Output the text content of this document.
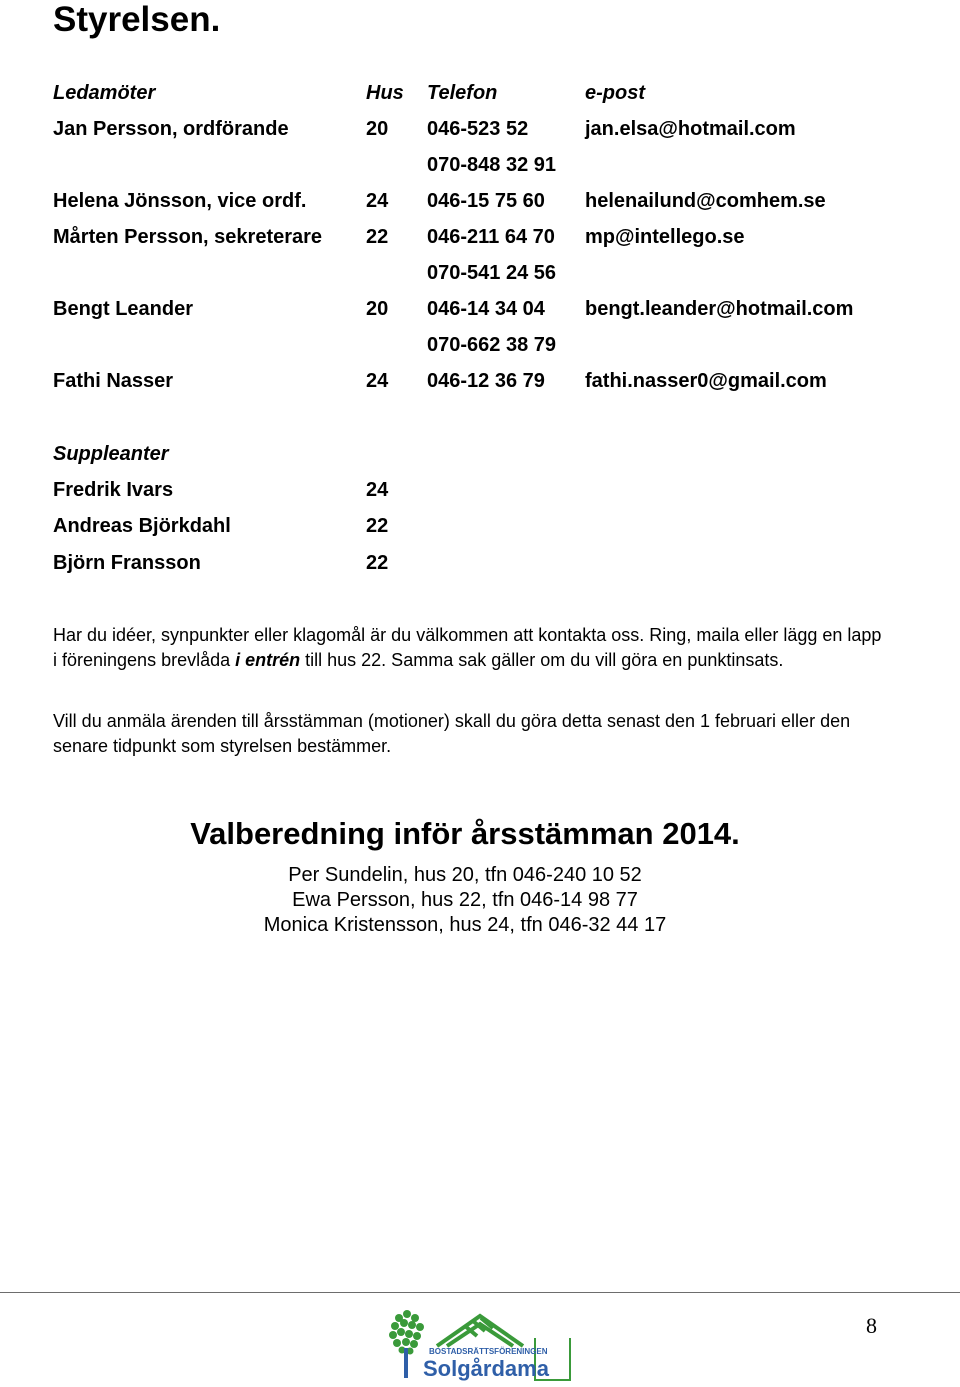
Styrelsen.
Ledamöter	Hus Telefon	e-post
Jan Persson, ordförande	20 046-523 52	jan.elsa@hotmail.com
070-848 32 91
Helena Jönsson, vice ordf.	24 046-15 75 60 helenailund@comhem.se
Mårten Persson, sekreterare 22 046-211 64 70 mp@intellego.se
070-541 24 56
Bengt Leander	20 046-14 34 04 bengt.leander@hotmail.com
070-662 38 79
Fathi Nasser	24 046-12 36 79 fathi.nasser0@gmail.com
Suppleanter
Fredrik Ivars	24
Andreas Björkdahl	22
Björn Fransson	22

Har du idéer, synpunkter eller klagomål är du välkommen att kontakta oss. Ring, maila eller lägg en lapp i föreningens brevlåda i entrén till hus 22. Samma sak gäller om du vill göra en punktinsats.

Vill du anmäla ärenden till årsstämman (motioner) skall du göra detta senast den 1 februari eller den senare tidpunkt som styrelsen bestämmer.

Valberedning inför årsstämman 2014.
Per Sundelin, hus 20, tfn 046-240 10 52
Ewa Persson, hus 22, tfn 046-14 98 77
Monica Kristensson, hus 24, tfn 046-32 44 17
BOSTADSRÄTTSFÖRENINGEN
Solgårdama
8
